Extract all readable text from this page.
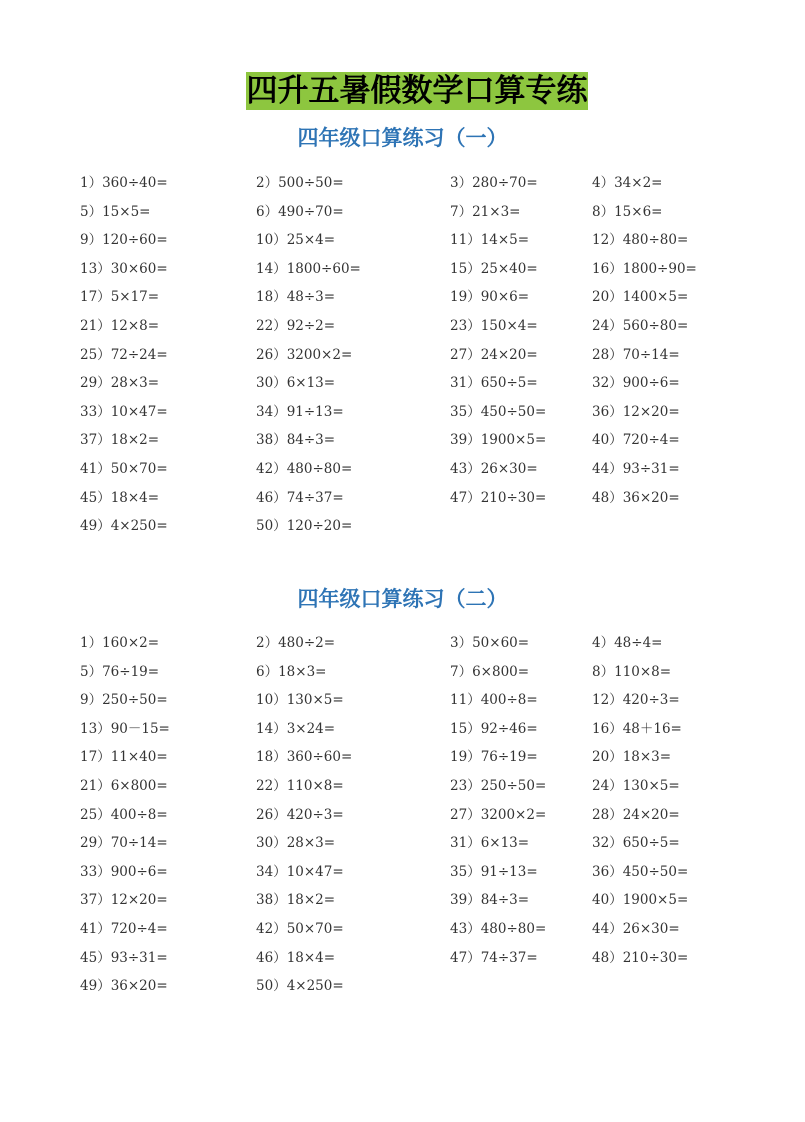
四升五暑假数学口算专练
四年级口算练习（一）
1）360÷40=	2）500÷50=	3）280÷70=	4）34×2=
5）15×5=	6）490÷70=	7）21×3=	8）15×6=
9）120÷60=	10）25×4=	11）14×5=	12）480÷80=
13）30×60=	14）1800÷60=	15）25×40=	16）1800÷90=
17）5×17=	18）48÷3=	19）90×6=	20）1400×5=
21）12×8=	22）92÷2=	23）150×4=	24）560÷80=
25）72÷24=	26）3200×2=	27）24×20=	28）70÷14=
29）28×3=	30）6×13=	31）650÷5=	32）900÷6=
33）10×47=	34）91÷13=	35）450÷50=	36）12×20=
37）18×2=	38）84÷3=	39）1900×5=	40）720÷4=
41）50×70=	42）480÷80=	43）26×30=	44）93÷31=
45）18×4=	46）74÷37=	47）210÷30=	48）36×20=
49）4×250=	50）120÷20=
四年级口算练习（二）
1）160×2=	2）480÷2=	3）50×60=	4）48÷4=
5）76÷19=	6）18×3=	7）6×800=	8）110×8=
9）250÷50=	10）130×5=	11）400÷8=	12）420÷3=
13）90－15=	14）3×24=	15）92÷46=	16）48＋16=
17）11×40=	18）360÷60=	19）76÷19=	20）18×3=
21）6×800=	22）110×8=	23）250÷50=	24）130×5=
25）400÷8=	26）420÷3=	27）3200×2=	28）24×20=
29）70÷14=	30）28×3=	31）6×13=	32）650÷5=
33）900÷6=	34）10×47=	35）91÷13=	36）450÷50=
37）12×20=	38）18×2=	39）84÷3=	40）1900×5=
41）720÷4=	42）50×70=	43）480÷80=	44）26×30=
45）93÷31=	46）18×4=	47）74÷37=	48）210÷30=
49）36×20=	50）4×250=
